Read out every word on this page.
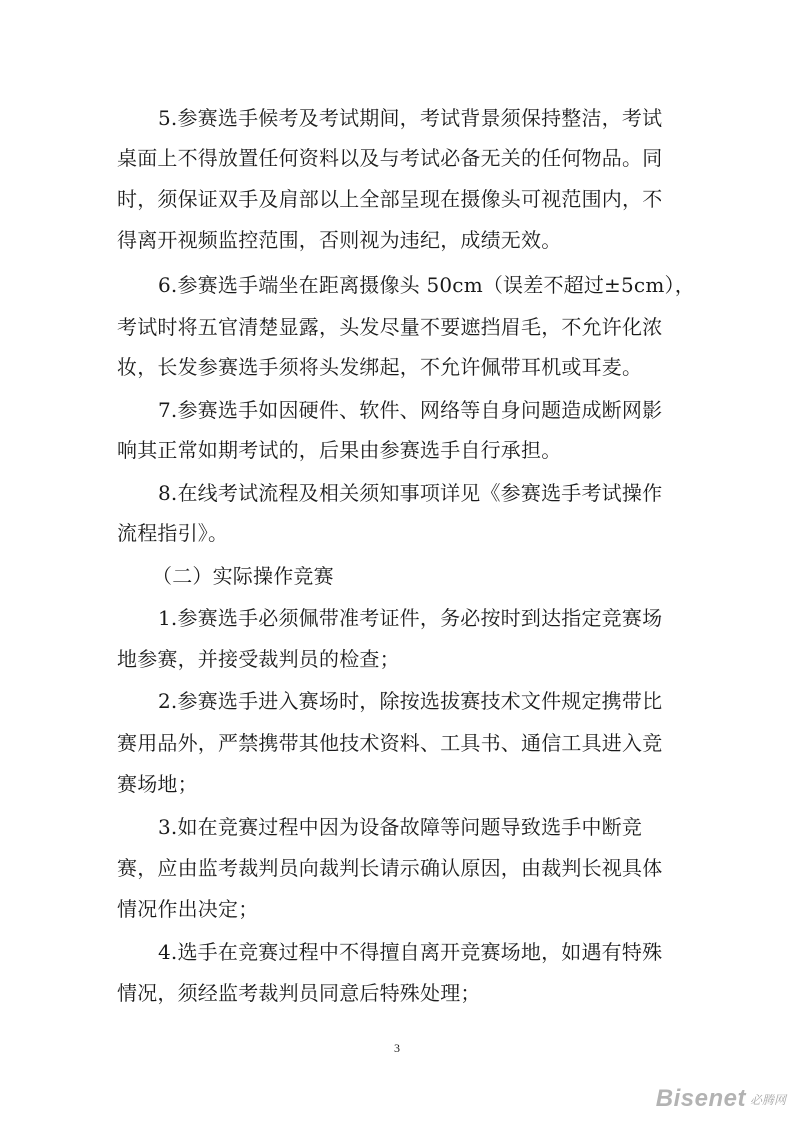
5.参赛选手候考及考试期间，考试背景须保持整洁，考试
桌面上不得放置任何资料以及与考试必备无关的任何物品。同
时，须保证双手及肩部以上全部呈现在摄像头可视范围内，不
得离开视频监控范围，否则视为违纪，成绩无效。
6.参赛选手端坐在距离摄像头 50cm（误差不超过±5cm），
考试时将五官清楚显露，头发尽量不要遮挡眉毛，不允许化浓
妆，长发参赛选手须将头发绑起，不允许佩带耳机或耳麦。
7.参赛选手如因硬件、软件、网络等自身问题造成断网影
响其正常如期考试的，后果由参赛选手自行承担。
8.在线考试流程及相关须知事项详见《参赛选手考试操作
流程指引》。
（二）实际操作竞赛
1.参赛选手必须佩带准考证件，务必按时到达指定竞赛场
地参赛，并接受裁判员的检查；
2.参赛选手进入赛场时，除按选拔赛技术文件规定携带比
赛用品外，严禁携带其他技术资料、工具书、通信工具进入竞
赛场地；
3.如在竞赛过程中因为设备故障等问题导致选手中断竞
赛，应由监考裁判员向裁判长请示确认原因，由裁判长视具体
情况作出决定；
4.选手在竞赛过程中不得擅自离开竞赛场地，如遇有特殊
情况，须经监考裁判员同意后特殊处理；
3
Bisenet 必腾网
